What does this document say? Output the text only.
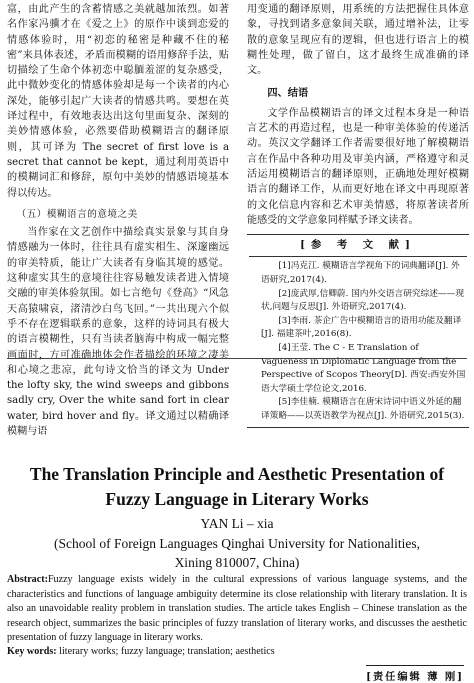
富，由此产生的含蓄情感之美就越加浓烈。如著名作家冯骥才在《爱之上》的原作中谈到恋爱的情感体验时，用“初恋的秘密是种藏不住的秘密”来具体表述，矛盾而模糊的语用修辞手法，贴切描绘了生命个体初恋中聪腼羞涩的复杂感受，此中微妙变化的情感体验却是每一个读者的内心深处，能够引起广大读者的情感共鸣。要想在英译过程中，有效地表达出这句里面复杂、深刻的美妙情感体验，必然要借助模糊语言的翻译原则，其可译为 The secret of first love is a secret that cannot be kept，通过利用英语中的模糊词汇和修辞，原句中美妙的情感语境基本得以传达。

（五）模糊语言的意境之美

当作家在文艺创作中描绘真实景象与其自身情感融为一体时，往往具有虚实相生、深邃幽远的审美特质，能让广大读者有身临其境的感觉。这种虚实其生的意境往往容易触发读者进入情境交融的审美体验氛围。如七言绝句《登高》“风急天高猿啸哀，渚清沙白鸟飞回。”一共出现六个似乎不存在逻辑联系的意象，这样的诗词具有极大的语言模糊性，只有当读者脑海中构成一幅完整画面时，方可准确地体会作者描绘的环境之凄美和心境之悲凉，此句诗文恰当的译文为 Under the lofty sky, the wind sweeps and gibbons sadly cry, Over the white sand fort in clear water, bird hover and fly。译文通过以精确译模糊与语

用变通的翻译原则，用系统的方法把握住具体意象，寻找到诸多意象间关联，通过增补法，让零散的意象呈现应有的逻辑，但也进行语言上的模糊性处理，做了留白，这才最终生成准确的译文。

四、结语

文学作品模糊语言的译文过程本身是一种语言艺术的再造过程，也是一种审美体验的传递活动。英汉文学翻译工作者需要很好地了解模糊语言在作品中各种功用及审美内涵，严格遵守和灵活运用模糊语言的翻译原则，正确地处理好模糊语言的翻译工作，从而更好地在译文中再现原著的文化信息内容和艺术审美情感，将原著读者所能感受的文学意象同样赋予译文读者。

[参 考 文 献]

[1]冯克江. 模糊语言学视角下的词典翻译[J]. 外语研究,2017(4).

[2]庞武厚,信卿蔚. 国内外交语言研究综述——现状,问题与反思[J]. 外语研究,2017(4).

[3]李雨. 茶企广告中模糊语言的语用功能及翻译[J]. 福建茶叶,2016(8).

[4]王莹. The C - E Translation of Vagueness in Diplomatic Language from the Perspective of Scopos Theory[D]. 西安:西安外国语大学硕士学位论文,2016.

[5]李佳楠. 模糊语言在唐宋诗词中语义外延的翻译策略——以英语教学为视点[J]. 外语研究,2015(3).

The Translation Principle and Aesthetic Presentation of
Fuzzy Language in Literary Works
YAN Li – xia
(School of Foreign Languages Qinghai University for Nationalities,
Xining 810007, China)
Abstract:Fuzzy language exists widely in the cultural expressions of various language systems, and the characteristics and functions of language ambiguity determine its close relationship with literary translation. It is also an unavoidable reality problem in translation studies. The article takes English – Chinese translation as the research object, summarizes the basic principles of fuzzy translation of literary works, and discusses the aesthetic presentation of fuzzy language in literary works.
Key words: literary works; fuzzy language; translation; aesthetics
[责任编辑 薄 刚]
